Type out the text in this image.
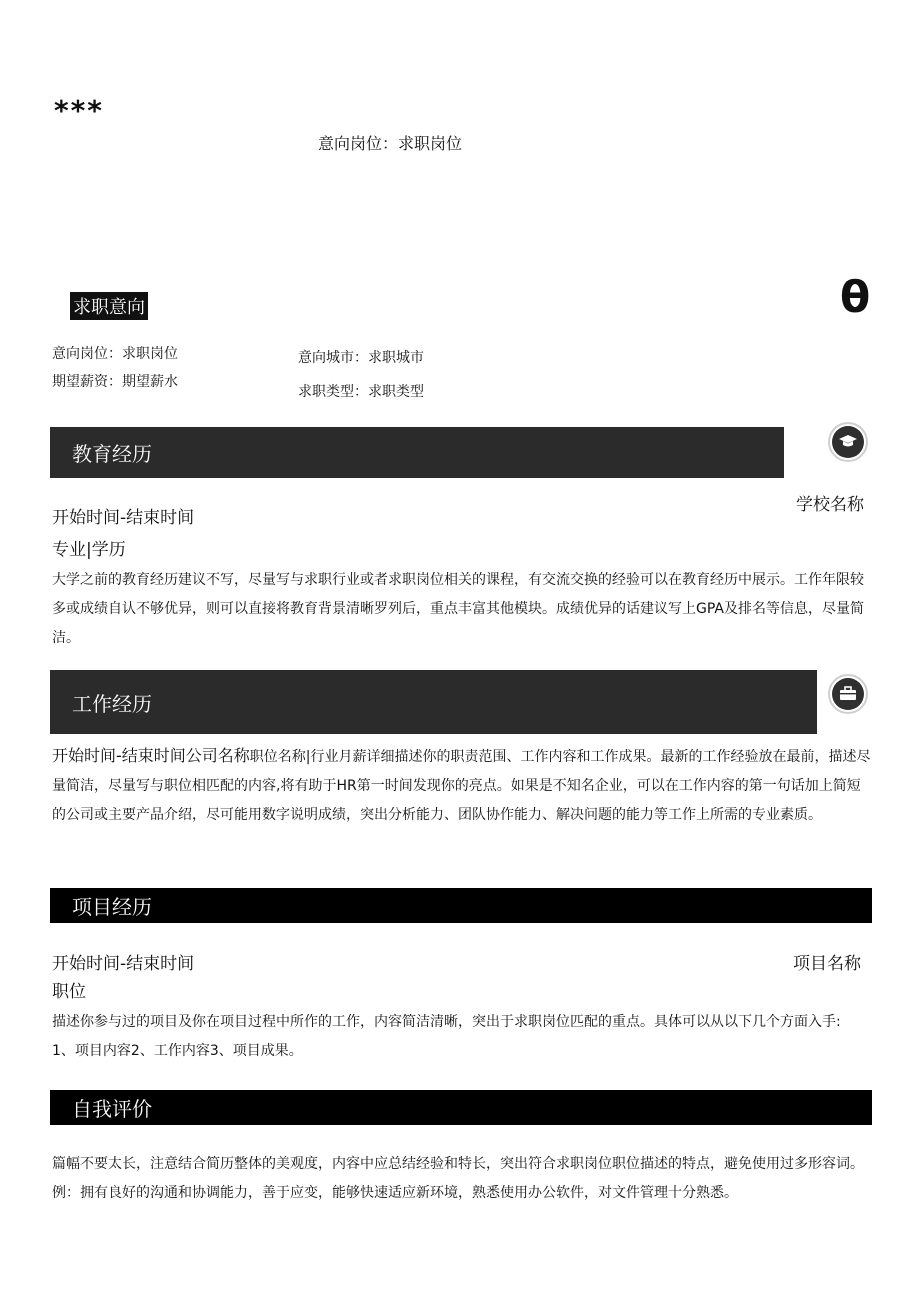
***
意向岗位：求职岗位
θ
求职意向
意向岗位：求职岗位
期望薪资：期望薪水
意向城市：求职城市
求职类型：求职类型
教育经历
开始时间-结束时间
学校名称
专业|学历
大学之前的教育经历建议不写，尽量写与求职行业或者求职岗位相关的课程，有交流交换的经验可以在教育经历中展示。工作年限较多或成绩自认不够优异，则可以直接将教育背景清晰罗列后，重点丰富其他模块。成绩优异的话建议写上GPA及排名等信息，尽量简洁。
工作经历
开始时间-结束时间公司名称职位名称|行业月薪详细描述你的职责范围、工作内容和工作成果。最新的工作经验放在最前，描述尽量简洁，尽量写与职位相匹配的内容,将有助于HR第一时间发现你的亮点。如果是不知名企业，可以在工作内容的第一句话加上简短的公司或主要产品介绍，尽可能用数字说明成绩，突出分析能力、团队协作能力、解决问题的能力等工作上所需的专业素质。
项目经历
开始时间-结束时间	项目名称
职位
描述你参与过的项目及你在项目过程中所作的工作，内容简洁清晰，突出于求职岗位匹配的重点。具体可以从以下几个方面入手:
1、项目内容2、工作内容3、项目成果。
自我评价
篇幅不要太长，注意结合简历整体的美观度，内容中应总结经验和特长，突出符合求职岗位职位描述的特点，避免使用过多形容词。例：拥有良好的沟通和协调能力，善于应变，能够快速适应新环境，熟悉使用办公软件，对文件管理十分熟悉。
